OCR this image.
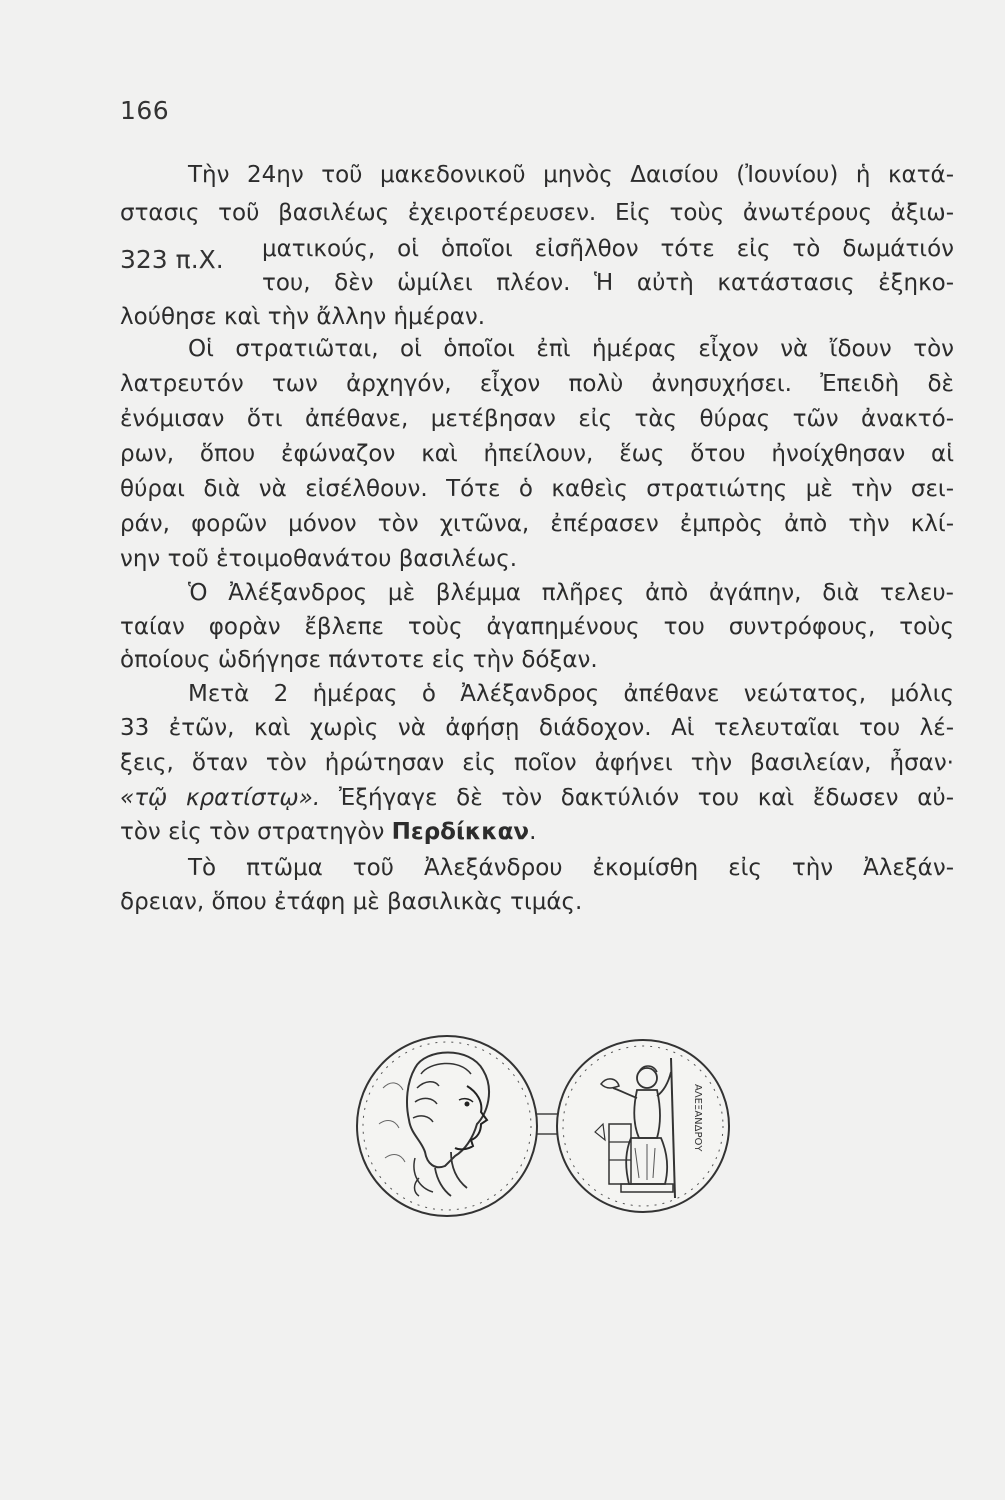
166
323 π.Χ.
Τὴν 24ην τοῦ μακεδονικοῦ μηνὸς Δαισίου (Ἰουνίου) ἡ κατά-
στασις τοῦ βασιλέως ἐχειροτέρευσεν. Εἰς τοὺς ἀνωτέρους ἀξιω-
ματικούς, οἱ ὁποῖοι εἰσῆλθον τότε εἰς τὸ δωμάτιόν
του, δὲν ὡμίλει πλέον. Ἡ αὐτὴ κατάστασις ἐξηκο-
λούθησε καὶ τὴν ἄλλην ἡμέραν.
Οἱ στρατιῶται, οἱ ὁποῖοι ἐπὶ ἡμέρας εἶχον νὰ ἴδουν τὸν
λατρευτόν των ἀρχηγόν, εἶχον πολὺ ἀνησυχήσει. Ἐπειδὴ δὲ
ἐνόμισαν ὅτι ἀπέθανε, μετέβησαν εἰς τὰς θύρας τῶν ἀνακτό-
ρων, ὅπου ἐφώναζον καὶ ἠπείλουν, ἕως ὅτου ἠνοίχθησαν αἱ
θύραι διὰ νὰ εἰσέλθουν. Τότε ὁ καθεὶς στρατιώτης μὲ τὴν σει-
ράν, φορῶν μόνον τὸν χιτῶνα, ἐπέρασεν ἐμπρὸς ἀπὸ τὴν κλί-
νην τοῦ ἑτοιμοθανάτου βασιλέως.
Ὁ Ἀλέξανδρος μὲ βλέμμα πλῆρες ἀπὸ ἀγάπην, διὰ τελευ-
ταίαν φορὰν ἔβλεπε τοὺς ἀγαπημένους του συντρόφους, τοὺς
ὁποίους ὡδήγησε πάντοτε εἰς τὴν δόξαν.
Μετὰ 2 ἡμέρας ὁ Ἀλέξανδρος ἀπέθανε νεώτατος, μόλις
33 ἐτῶν, καὶ χωρὶς νὰ ἀφήσῃ διάδοχον. Αἱ τελευταῖαι του λέ-
ξεις, ὅταν τὸν ἠρώτησαν εἰς ποῖον ἀφήνει τὴν βασιλείαν, ἦσαν·
«τῷ κρατίστῳ». Ἐξήγαγε δὲ τὸν δακτύλιόν του καὶ ἔδωσεν αὐ-
τὸν εἰς τὸν στρατηγὸν Περδίκκαν.
Τὸ πτῶμα τοῦ Ἀλεξάνδρου ἐκομίσθη εἰς τὴν Ἀλεξάν-
δρειαν, ὅπου ἐτάφη μὲ βασιλικὰς τιμάς.
ΑΛΕΞΑΝΔΡΟΥ
